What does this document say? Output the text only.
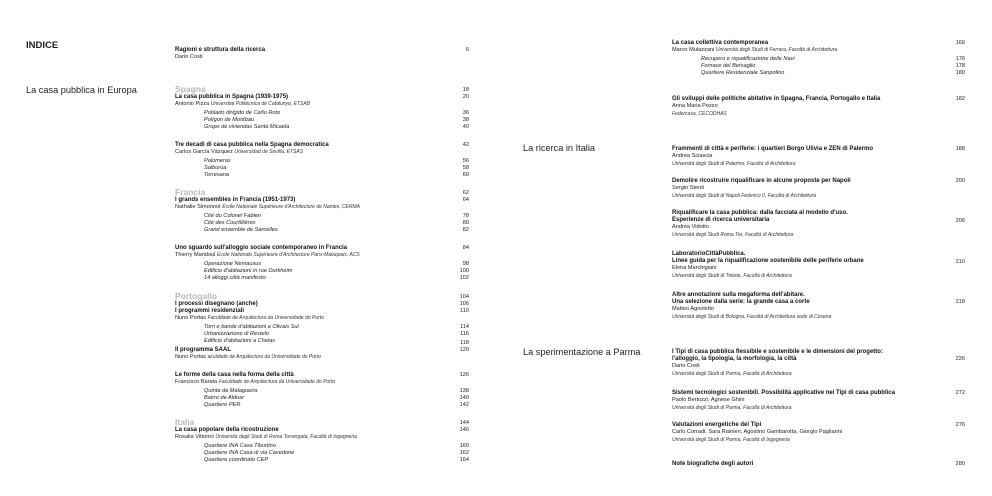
INDICE
La casa pubblica in Europa
Ragioni e struttura della ricerca	6
Dario Costi
Spagna	18
La casa pubblica in Spagna (1939-1975)	20
Antonio Pizza Universitat Politècnica de Catalunya, ETSAB
Poblado dirigido de Caño Roto	36
Polígon de Montbau	38
Grupo de viviendas Santa Micaela	40
Tre decadi di casa pubblica nella Spagna democratica	42
Carlos García Vázquez Universidad de Sevilla, ETSAS
Palomeras	56
Salburúa	58
Torresana	60
Francia	62
I grands ensembles in Francia (1951-1973)	64
Nathalie Simonnot École Nationale Supérieure d'Architecture de Nantes, CERMA
Cité du Colonel Fabien	78
Cité des Courtillières	80
Grand ensemble de Sarcelles	82
Uno sguardo sull'alloggio sociale contemporaneo in Francia	84
Thierry Mandoul École Nationale Supérieure d'Architecture Paris-Malaquais, ACS
Operazione Nemausus	98
Edificio d'abitazioni in rue Durkheim	100
14 alloggi città manifesto	102
Portogallo	104
I processi disegnano (anche)	106
I programmi residenziali	110
Nuno Portas Faculdade de Arquitectura da Universidade do Porto
Torri e bande d'abitazioni a Olivais Sul	114
Urbanizzazione di Restelo	116
Edificio d'abitazioni a Chelas	118
Il programma SAAL	120
Nuno Portas aculdade de Arquitectura da Universidade do Porto
Le forme della casa nella forma della città	126
Francisco Barata Faculdade de Arquitectura da Universidade do Porto
Quinta da Malagueira	138
Bairro de Aldoar	140
Quartiere PER	142
Italia	144
La casa popolare della ricostruzione	146
Rosalia Vittorini Università degli Studi di Roma Torvergata, Facoltà di Ingegneria
Quartiere INA Casa Tiburtino	160
Quartiere INA Casa di via Cavedone	162
Quartiere coordinato CEP	164
La casa collettiva contemporanea	166
Marco Mulazzani Università degli Studi di Ferrara, Facoltà di Architettura
Recupero e riqualificazione delle Navi	176
Fornace del Bersaglio	178
Quartiere Residenziale Sanpolino	180
Gli sviluppi delle politiche abitative in Spagna, Francia, Portogallo e Italia	182
Anna Maria Pozzo
Federcasa, CECODHAS
La ricerca in Italia	Frammenti di città e periferie: i quartieri Borgo Ulivia e ZEN di Palermo	188
Andrea Sciascia
Università degli Studi di Palermo, Facoltà di Architettura
Demolire ricostruire riqualificare in alcune proposte per Napoli	200
Sergio Stenti
Università degli Studi di Napoli Federico II, Facoltà di Architettura
Riqualificare la casa pubblica: dalla facciata al modello d'uso.
Esperienze di ricerca universitaria	206
Andrea Vidotto
Università degli Studi Roma Tre, Facoltà di Architettura
LaboratorioCittàPubblica.
Linee guida per la riqualificazione sostenibile delle periferie urbane	210
Elena Marchigiani
Università degli Studi di Trieste, Facoltà di Architettura
Altre annotazioni sulla megaforma dell'abitare.
Una selezione dalla serie: la grande casa a corte	218
Matteo Agnoletto
Università degli Studi di Bologna, Facoltà di Architettura sede di Cesena
La sperimentazione a Parma	I Tipi di casa pubblica flessibile e sostenibile e le dimensioni del progetto:
l'alloggio, la tipologia, la morfologia, la città	226
Dario Costi
Università degli Studi di Parma, Facoltà di Architettura
Sistemi tecnologici sostenibili. Possibilità applicative nei Tipi di casa pubblica	272
Paolo Bertozzi, Agnese Ghini
Università degli Studi di Parma, Facoltà di Architettura
Valutazioni energetiche dei Tipi	276
Carlo Corradi, Sara Rainieri, Agostino Gambarotta, Giorgio Pagliarini
Università degli Studi di Parma, Facoltà di Ingegneria
Note biografiche degli autori	280
